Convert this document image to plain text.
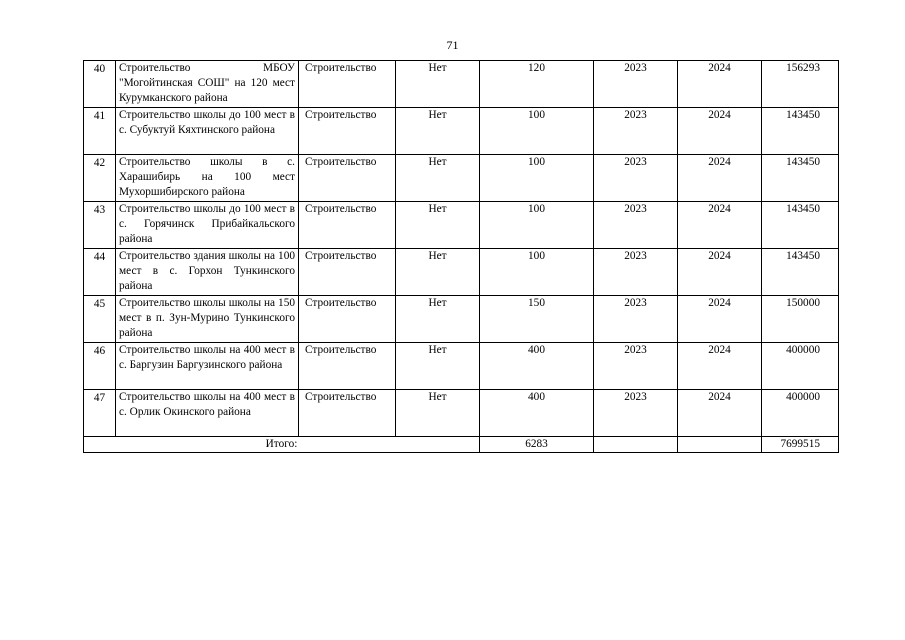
71
40	Строительство МБОУ "Могойтинская СОШ" на 120 мест Курумканского района	Строительство	Нет	120	2023	2024	156293
41	Строительство школы до 100 мест в с. Субуктуй Кяхтинского района	Строительство	Нет	100	2023	2024	143450
42	Строительство школы в с. Харашибирь на 100 мест Мухоршибирского района	Строительство	Нет	100	2023	2024	143450
43	Строительство школы до 100 мест в с. Горячинск Прибайкальского района	Строительство	Нет	100	2023	2024	143450
44	Строительство здания школы на 100 мест в с. Горхон Тункинского района	Строительство	Нет	100	2023	2024	143450
45	Строительство школы школы на 150 мест в п. Зун-Мурино Тункинского района	Строительство	Нет	150	2023	2024	150000
46	Строительство школы на 400 мест в с. Баргузин Баргузинского района	Строительство	Нет	400	2023	2024	400000
47	Строительство школы на 400 мест в с. Орлик Окинского района	Строительство	Нет	400	2023	2024	400000
Итого:				6283			7699515
